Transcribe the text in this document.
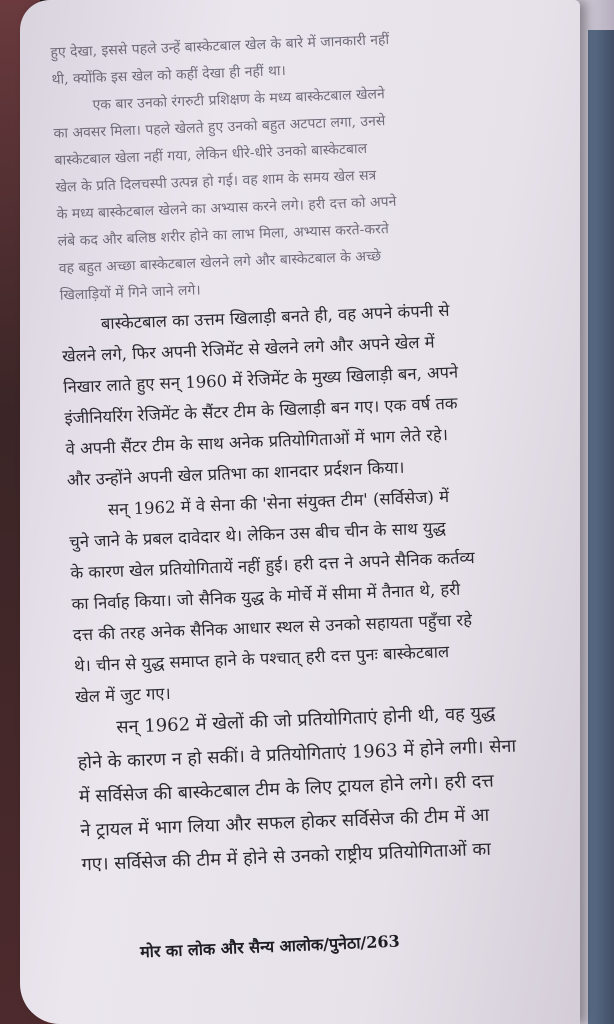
हुए देखा, इससे पहले उन्हें बास्केटबाल खेल के बारे में जानकारी नहीं
थी, क्योंकि इस खेल को कहीं देखा ही नहीं था।
एक बार उनको रंगरुटी प्रशिक्षण के मध्य बास्केटबाल खेलने
का अवसर मिला। पहले खेलते हुए उनको बहुत अटपटा लगा, उनसे
बास्केटबाल खेला नहीं गया, लेकिन धीरे-धीरे उनको बास्केटबाल
खेल के प्रति दिलचस्पी उत्पन्न हो गई। वह शाम के समय खेल सत्र
के मध्य बास्केटबाल खेलने का अभ्यास करने लगे। हरी दत्त को अपने
लंबे कद और बलिष्ठ शरीर होने का लाभ मिला, अभ्यास करते-करते
वह बहुत अच्छा बास्केटबाल खेलने लगे और बास्केटबाल के अच्छे
खिलाड़ियों में गिने जाने लगे।
बास्केटबाल का उत्तम खिलाड़ी बनते ही, वह अपने कंपनी से
खेलने लगे, फिर अपनी रेजिमेंट से खेलने लगे और अपने खेल में
निखार लाते हुए सन् 1960 में रेजिमेंट के मुख्य खिलाड़ी बन, अपने
इंजीनियरिंग रेजिमेंट के सैंटर टीम के खिलाड़ी बन गए। एक वर्ष तक
वे अपनी सैंटर टीम के साथ अनेक प्रतियोगिताओं में भाग लेते रहे।
और उन्होंने अपनी खेल प्रतिभा का शानदार प्रर्दशन किया।
सन् 1962 में वे सेना की 'सेना संयुक्त टीम' (सर्विसेज) में
चुने जाने के प्रबल दावेदार थे। लेकिन उस बीच चीन के साथ युद्ध
के कारण खेल प्रतियोगितायें नहीं हुई। हरी दत्त ने अपने सैनिक कर्तव्य
का निर्वाह किया। जो सैनिक युद्ध के मोर्चे में सीमा में तैनात थे, हरी
दत्त की तरह अनेक सैनिक आधार स्थल से उनको सहायता पहुँचा रहे
थे। चीन से युद्ध समाप्त हाने के पश्चात् हरी दत्त पुनः बास्केटबाल
खेल में जुट गए।
सन् 1962 में खेलों की जो प्रतियोगिताएं होनी थी, वह युद्ध
होने के कारण न हो सकीं। वे प्रतियोगिताएं 1963 में होने लगी। सेना
में सर्विसेज की बास्केटबाल टीम के लिए ट्रायल होने लगे। हरी दत्त
ने ट्रायल में भाग लिया और सफल होकर सर्विसेज की टीम में आ
गए। सर्विसेज की टीम में होने से उनको राष्ट्रीय प्रतियोगिताओं का
मोर का लोक और सैन्य आलोक/पुनेठा/263
